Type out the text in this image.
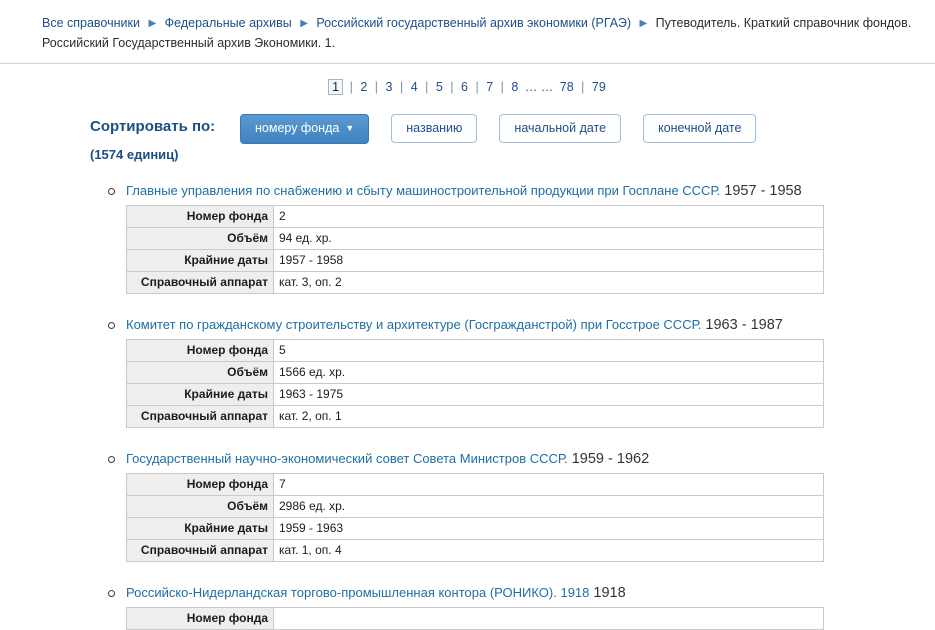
Все справочники ▶ Федеральные архивы ▶ Российский государственный архив экономики (РГАЭ) ▶ Путеводитель. Краткий справочник фондов. Российский Государственный архив Экономики. 1.
1 | 2 | 3 | 4 | 5 | 6 | 7 | 8 … … 78 | 79
Сортировать по:
(1574 единиц)
номеру фонда ▼	названию	начальной дате	конечной дате
Главные управления по снабжению и сбыту машиностроительной продукции при Госплане СССР. 1957 - 1958
Номер фонда	2
Объём	94 ед. хр.
Крайние даты	1957 - 1958
Справочный аппарат	кат. 3, оп. 2
Комитет по гражданскому строительству и архитектуре (Госгражданстрой) при Госстрое СССР. 1963 - 1987
Номер фонда	5
Объём	1566 ед. хр.
Крайние даты	1963 - 1975
Справочный аппарат	кат. 2, оп. 1
Государственный научно-экономический совет Совета Министров СССР. 1959 - 1962
Номер фонда	7
Объём	2986 ед. хр.
Крайние даты	1959 - 1963
Справочный аппарат	кат. 1, оп. 4
Российско-Нидерландская торгово-промышленная контора (РОНИКО). 1918 1918
Номер фонда	
